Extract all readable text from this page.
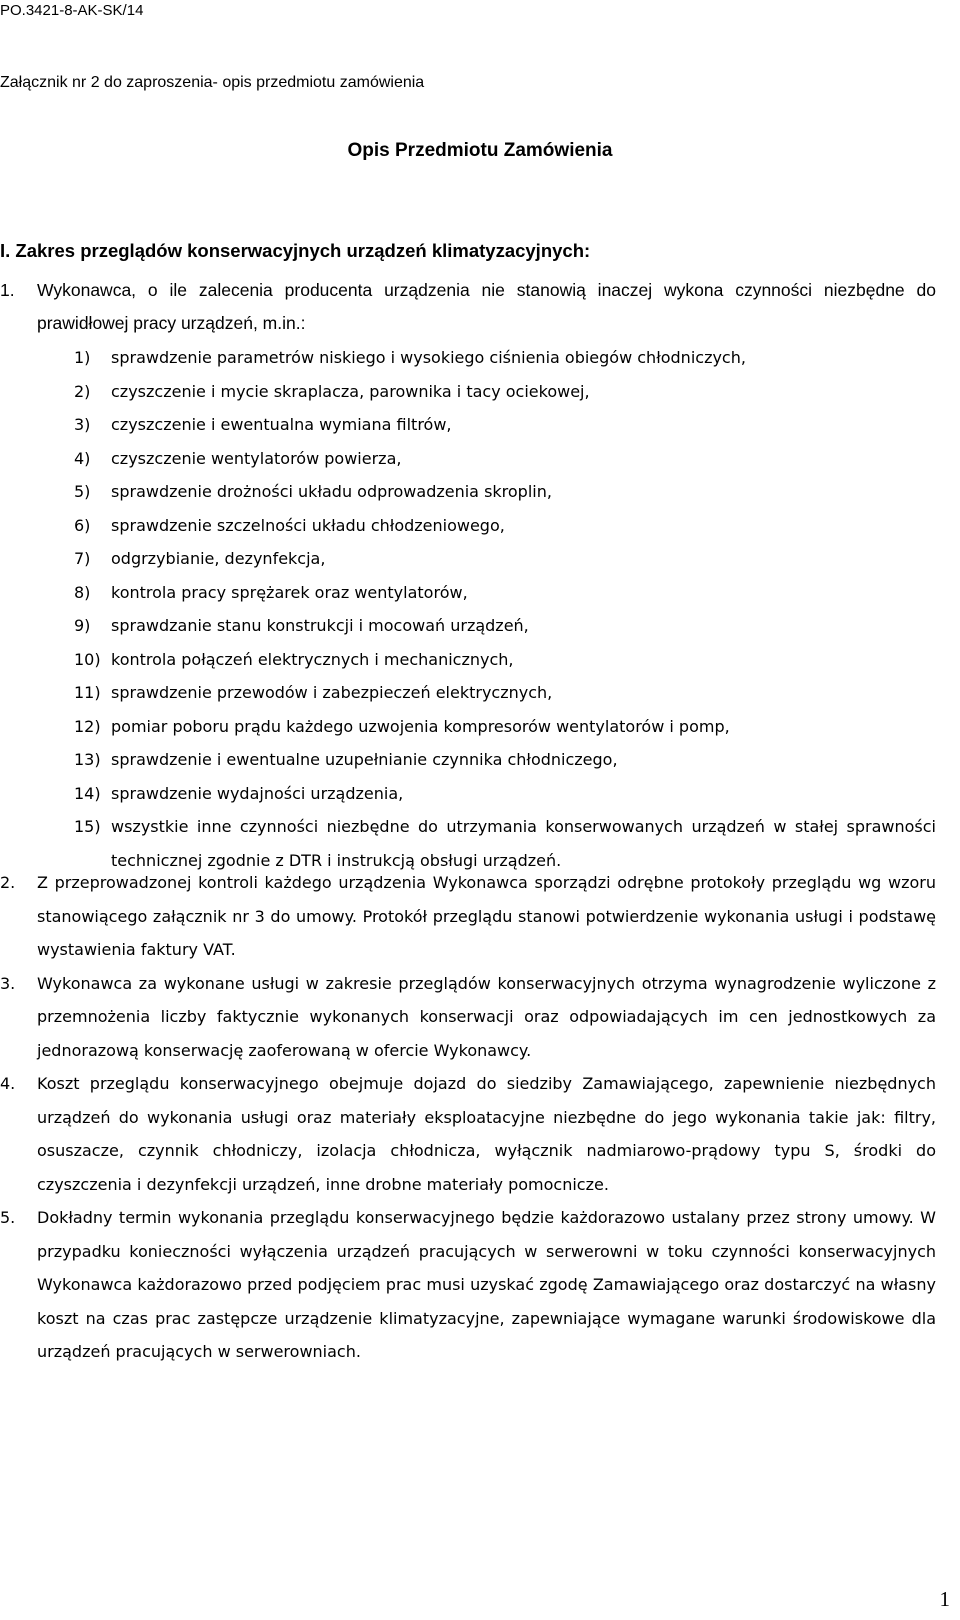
PO.3421-8-AK-SK/14
Załącznik nr 2 do zaproszenia- opis przedmiotu zamówienia
Opis Przedmiotu Zamówienia
I. Zakres przeglądów konserwacyjnych urządzeń klimatyzacyjnych:
1.	Wykonawca, o ile zalecenia producenta urządzenia nie stanowią inaczej wykona czynności niezbędne do prawidłowej pracy urządzeń, m.in.:
1) sprawdzenie parametrów niskiego i wysokiego ciśnienia obiegów chłodniczych,
2) czyszczenie i mycie skraplacza, parownika i tacy ociekowej,
3) czyszczenie i ewentualna wymiana filtrów,
4) czyszczenie wentylatorów powierza,
5) sprawdzenie drożności układu odprowadzenia skroplin,
6) sprawdzenie szczelności układu chłodzeniowego,
7) odgrzybianie, dezynfekcja,
8) kontrola pracy sprężarek oraz wentylatorów,
9) sprawdzanie stanu konstrukcji i mocowań urządzeń,
10) kontrola połączeń elektrycznych i mechanicznych,
11) sprawdzenie przewodów i zabezpieczeń elektrycznych,
12) pomiar poboru prądu każdego uzwojenia kompresorów wentylatorów i pomp,
13) sprawdzenie i ewentualne uzupełnianie czynnika chłodniczego,
14) sprawdzenie wydajności urządzenia,
15) wszystkie inne czynności niezbędne do utrzymania konserwowanych urządzeń w stałej sprawności technicznej zgodnie z DTR i instrukcją obsługi urządzeń.
2. Z przeprowadzonej kontroli każdego urządzenia Wykonawca sporządzi odrębne protokoły przeglądu wg wzoru stanowiącego załącznik nr 3 do umowy. Protokół przeglądu stanowi potwierdzenie wykonania usługi i podstawę wystawienia faktury VAT.
3. Wykonawca za wykonane usługi w zakresie przeglądów konserwacyjnych otrzyma wynagrodzenie wyliczone z przemnożenia liczby faktycznie wykonanych konserwacji oraz odpowiadających im cen jednostkowych za jednorazową konserwację zaoferowaną w ofercie Wykonawcy.
4. Koszt przeglądu konserwacyjnego obejmuje dojazd do siedziby Zamawiającego, zapewnienie niezbędnych urządzeń do wykonania usługi oraz materiały eksploatacyjne niezbędne do jego wykonania takie jak: filtry, osuszacze, czynnik chłodniczy, izolacja chłodnicza, wyłącznik nadmiarowo-prądowy typu S, środki do czyszczenia i dezynfekcji urządzeń, inne drobne materiały pomocnicze.
5. Dokładny termin wykonania przeglądu konserwacyjnego będzie każdorazowo ustalany przez strony umowy. W przypadku konieczności wyłączenia urządzeń pracujących w serwerowni w toku czynności konserwacyjnych Wykonawca każdorazowo przed podjęciem prac musi uzyskać zgodę Zamawiającego oraz dostarczyć na własny koszt na czas prac zastępcze urządzenie klimatyzacyjne, zapewniające wymagane warunki środowiskowe dla urządzeń pracujących w serwerowniach.
1
